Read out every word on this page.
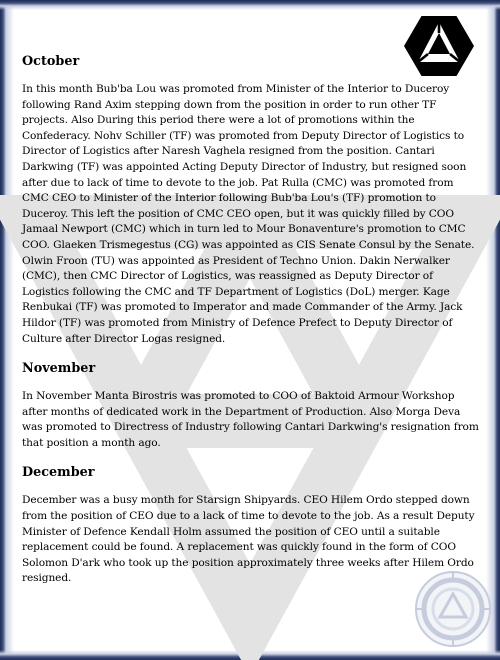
October

In this month Bub'ba Lou was promoted from Minister of the Interior to Duceroy following Rand Axim stepping down from the position in order to run other TF projects. Also During this period there were a lot of promotions within the Confederacy. Nohv Schiller (TF) was promoted from Deputy Director of Logistics to Director of Logistics after Naresh Vaghela resigned from the position. Cantari Darkwing (TF) was appointed Acting Deputy Director of Industry, but resigned soon after due to lack of time to devote to the job. Pat Rulla (CMC) was promoted from CMC CEO to Minister of the Interior following Bub'ba Lou's (TF) promotion to Duceroy. This left the position of CMC CEO open, but it was quickly filled by COO Jamaal Newport (CMC) which in turn led to Mour Bonaventure's promotion to CMC COO. Glaeken Trismegestus (CG) was appointed as CIS Senate Consul by the Senate. Olwin Froon (TU) was appointed as President of Techno Union. Dakin Nerwalker (CMC), then CMC Director of Logistics, was reassigned as Deputy Director of Logistics following the CMC and TF Department of Logistics (DoL) merger. Kage Renbukai (TF) was promoted to Imperator and made Commander of the Army. Jack Hildor (TF) was promoted from Ministry of Defence Prefect to Deputy Director of Culture after Director Logas resigned.

November

In November Manta Birostris was promoted to COO of Baktoid Armour Workshop after months of dedicated work in the Department of Production. Also Morga Deva was promoted to Directress of Industry following Cantari Darkwing's resignation from that position a month ago.

December

December was a busy month for Starsign Shipyards. CEO Hilem Ordo stepped down from the position of CEO due to a lack of time to devote to the job. As a result Deputy Minister of Defence Kendall Holm assumed the position of CEO until a suitable replacement could be found. A replacement was quickly found in the form of COO Solomon D'ark who took up the position approximately three weeks after Hilem Ordo resigned.
